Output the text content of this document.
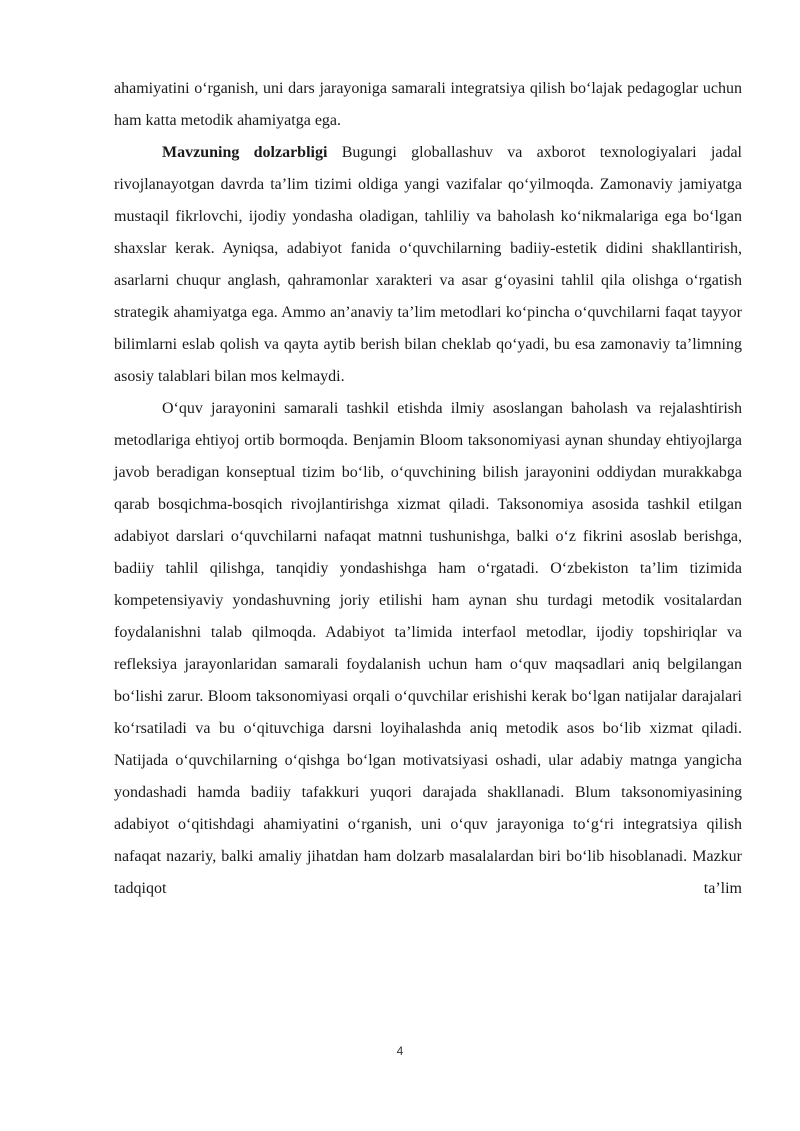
ahamiyatini o‘rganish, uni dars jarayoniga samarali integratsiya qilish bo‘lajak pedagoglar uchun ham katta metodik ahamiyatga ega.

Mavzuning dolzarbligi Bugungi globallashuv va axborot texnologiyalari jadal rivojlanayotgan davrda ta’lim tizimi oldiga yangi vazifalar qo‘yilmoqda. Zamonaviy jamiyatga mustaqil fikrlovchi, ijodiy yondasha oladigan, tahliliy va baholash ko‘nikmalariga ega bo‘lgan shaxslar kerak. Ayniqsa, adabiyot fanida o‘quvchilarning badiiy-estetik didini shakllantirish, asarlarni chuqur anglash, qahramonlar xarakteri va asar g‘oyasini tahlil qila olishga o‘rgatish strategik ahamiyatga ega. Ammo an’anaviy ta’lim metodlari ko‘pincha o‘quvchilarni faqat tayyor bilimlarni eslab qolish va qayta aytib berish bilan cheklab qo‘yadi, bu esa zamonaviy ta’limning asosiy talablari bilan mos kelmaydi.

O‘quv jarayonini samarali tashkil etishda ilmiy asoslangan baholash va rejalashtirish metodlariga ehtiyoj ortib bormoqda. Benjamin Bloom taksonomiyasi aynan shunday ehtiyojlarga javob beradigan konseptual tizim bo‘lib, o‘quvchining bilish jarayonini oddiydan murakkabga qarab bosqichma-bosqich rivojlantirishga xizmat qiladi. Taksonomiya asosida tashkil etilgan adabiyot darslari o‘quvchilarni nafaqat matnni tushunishga, balki o‘z fikrini asoslab berishga, badiiy tahlil qilishga, tanqidiy yondashishga ham o‘rgatadi. O‘zbekiston ta’lim tizimida kompetensiyaviy yondashuvning joriy etilishi ham aynan shu turdagi metodik vositalardan foydalanishni talab qilmoqda. Adabiyot ta’limida interfaol metodlar, ijodiy topshiriqlar va refleksiya jarayonlaridan samarali foydalanish uchun ham o‘quv maqsadlari aniq belgilangan bo‘lishi zarur. Bloom taksonomiyasi orqali o‘quvchilar erishishi kerak bo‘lgan natijalar darajalari ko‘rsatiladi va bu o‘qituvchiga darsni loyihalashda aniq metodik asos bo‘lib xizmat qiladi. Natijada o‘quvchilarning o‘qishga bo‘lgan motivatsiyasi oshadi, ular adabiy matnga yangicha yondashadi hamda badiiy tafakkuri yuqori darajada shakllanadi. Blum taksonomiyasining adabiyot o‘qitishdagi ahamiyatini o‘rganish, uni o‘quv jarayoniga to‘g‘ri integratsiya qilish nafaqat nazariy, balki amaliy jihatdan ham dolzarb masalalardan biri bo‘lib hisoblanadi. Mazkur tadqiqot ta’lim

4
